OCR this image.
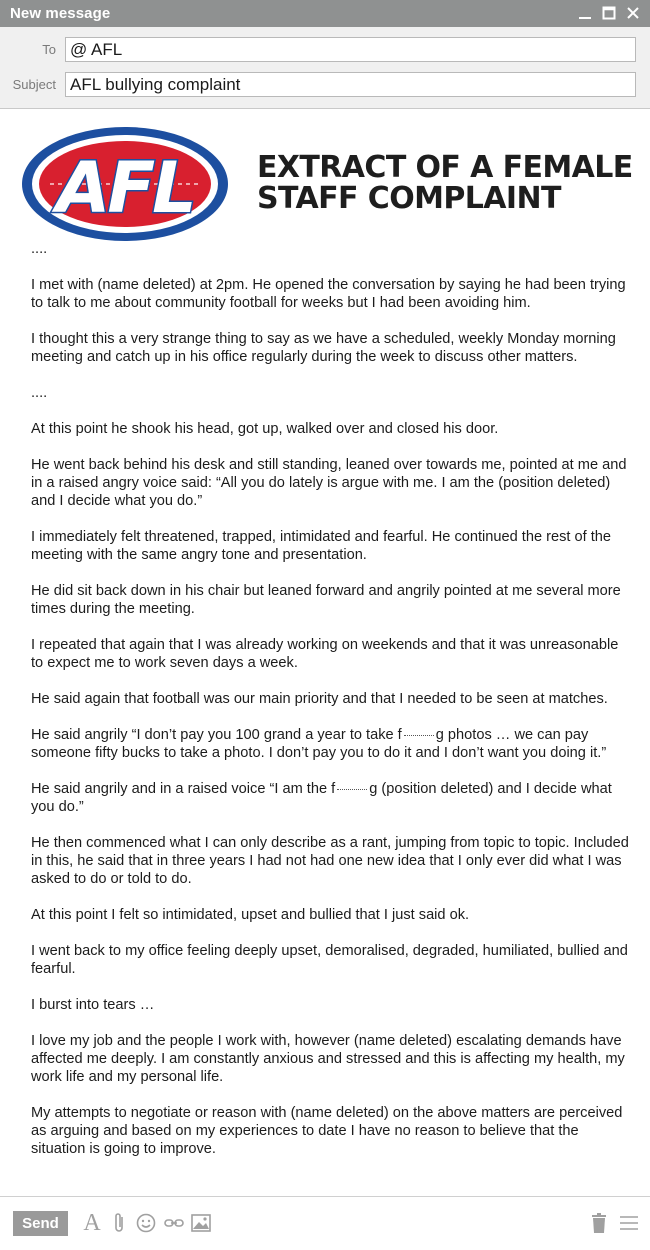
New message
To @ AFL
Subject AFL bullying complaint
AFL EXTRACT OF A FEMALE
STAFF COMPLAINT

....

I met with (name deleted) at 2pm. He opened the conversation by saying he had been trying to talk to me about community football for weeks but I had been avoiding him.

I thought this a very strange thing to say as we have a scheduled, weekly Monday morning meeting and catch up in his office regularly during the week to discuss other matters.

....

At this point he shook his head, got up, walked over and closed his door.

He went back behind his desk and still standing, leaned over towards me, pointed at me and in a raised angry voice said: “All you do lately is argue with me. I am the (position deleted) and I decide what you do.”

I immediately felt threatened, trapped, intimidated and fearful. He continued the rest of the meeting with the same angry tone and presentation.

He did sit back down in his chair but leaned forward and angrily pointed at me several more times during the meeting.

I repeated that again that I was already working on weekends and that it was unreasonable to expect me to work seven days a week.

He said again that football was our main priority and that I needed to be seen at matches.

He said angrily “I don’t pay you 100 grand a year to take f g photos … we can pay someone fifty bucks to take a photo. I don’t pay you to do it and I don’t want you doing it.”

He said angrily and in a raised voice “I am the f g (position deleted) and I decide what you do.”

He then commenced what I can only describe as a rant, jumping from topic to topic. Included in this, he said that in three years I had not had one new idea that I only ever did what I was asked to do or told to do.

At this point I felt so intimidated, upset and bullied that I just said ok.

I went back to my office feeling deeply upset, demoralised, degraded, humiliated, bullied and fearful.

I burst into tears …

I love my job and the people I work with, however (name deleted) escalating demands have affected me deeply. I am constantly anxious and stressed and this is affecting my health, my work life and my personal life.

My attempts to negotiate or reason with (name deleted) on the above matters are perceived as arguing and based on my experiences to date I have no reason to believe that the situation is going to improve.

Send	A
